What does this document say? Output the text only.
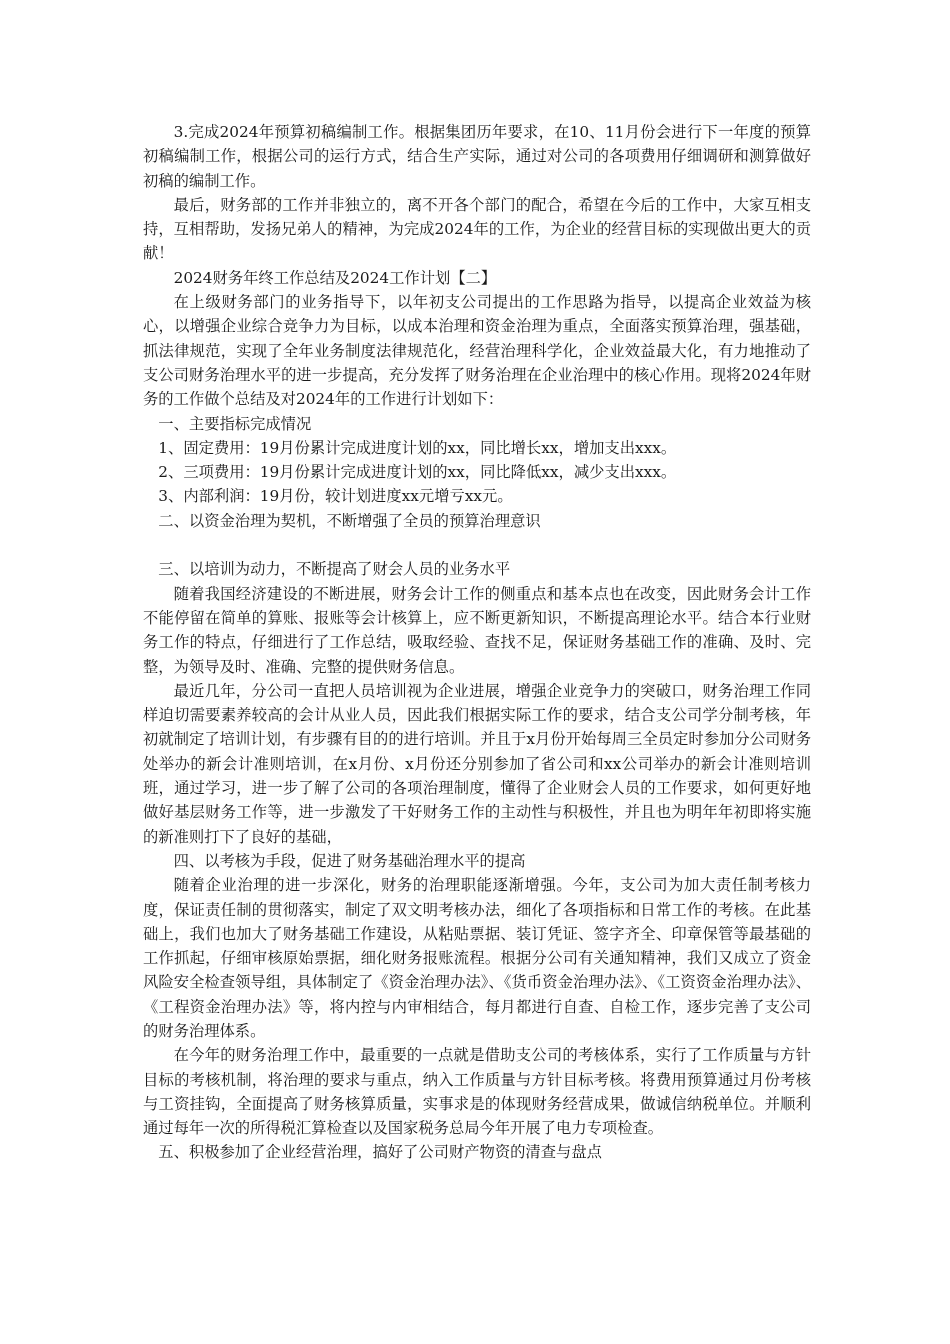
3.完成2024年预算初稿编制工作。根据集团历年要求，在10、11月份会进行下一年度的预算初稿编制工作，根据公司的运行方式，结合生产实际，通过对公司的各项费用仔细调研和测算做好初稿的编制工作。

最后，财务部的工作并非独立的，离不开各个部门的配合，希望在今后的工作中，大家互相支持，互相帮助，发扬兄弟人的精神，为完成2024年的工作，为企业的经营目标的实现做出更大的贡献！

2024财务年终工作总结及2024工作计划【二】

在上级财务部门的业务指导下，以年初支公司提出的工作思路为指导，以提高企业效益为核心，以增强企业综合竞争力为目标，以成本治理和资金治理为重点，全面落实预算治理，强基础，抓法律规范，实现了全年业务制度法律规范化，经营治理科学化，企业效益最大化，有力地推动了支公司财务治理水平的进一步提高，充分发挥了财务治理在企业治理中的核心作用。现将2024年财务的工作做个总结及对2024年的工作进行计划如下：

一、主要指标完成情况

1、固定费用：19月份累计完成进度计划的xx，同比增长xx，增加支出xxx。

2、三项费用：19月份累计完成进度计划的xx，同比降低xx，减少支出xxx。

3、内部利润：19月份，较计划进度xx元增亏xx元。

二、以资金治理为契机，不断增强了全员的预算治理意识

三、以培训为动力，不断提高了财会人员的业务水平

随着我国经济建设的不断进展，财务会计工作的侧重点和基本点也在改变，因此财务会计工作不能停留在简单的算账、报账等会计核算上，应不断更新知识，不断提高理论水平。结合本行业财务工作的特点，仔细进行了工作总结，吸取经验、查找不足，保证财务基础工作的准确、及时、完整，为领导及时、准确、完整的提供财务信息。

最近几年，分公司一直把人员培训视为企业进展，增强企业竞争力的突破口，财务治理工作同样迫切需要素养较高的会计从业人员，因此我们根据实际工作的要求，结合支公司学分制考核，年初就制定了培训计划，有步骤有目的的进行培训。并且于x月份开始每周三全员定时参加分公司财务处举办的新会计准则培训，在x月份、x月份还分别参加了省公司和xx公司举办的新会计准则培训班，通过学习，进一步了解了公司的各项治理制度，懂得了企业财会人员的工作要求，如何更好地做好基层财务工作等，进一步激发了干好财务工作的主动性与积极性，并且也为明年年初即将实施的新准则打下了良好的基础，

四、以考核为手段，促进了财务基础治理水平的提高

随着企业治理的进一步深化，财务的治理职能逐渐增强。今年，支公司为加大责任制考核力度，保证责任制的贯彻落实，制定了双文明考核办法，细化了各项指标和日常工作的考核。在此基础上，我们也加大了财务基础工作建设，从粘贴票据、装订凭证、签字齐全、印章保管等最基础的工作抓起，仔细审核原始票据，细化财务报账流程。根据分公司有关通知精神，我们又成立了资金风险安全检查领导组，具体制定了《资金治理办法》、《货币资金治理办法》、《工资资金治理办法》、《工程资金治理办法》等，将内控与内审相结合，每月都进行自查、自检工作，逐步完善了支公司的财务治理体系。

在今年的财务治理工作中，最重要的一点就是借助支公司的考核体系，实行了工作质量与方针目标的考核机制，将治理的要求与重点，纳入工作质量与方针目标考核。将费用预算通过月份考核与工资挂钩，全面提高了财务核算质量，实事求是的体现财务经营成果，做诚信纳税单位。并顺利通过每年一次的所得税汇算检查以及国家税务总局今年开展了电力专项检查。

五、积极参加了企业经营治理，搞好了公司财产物资的清查与盘点
